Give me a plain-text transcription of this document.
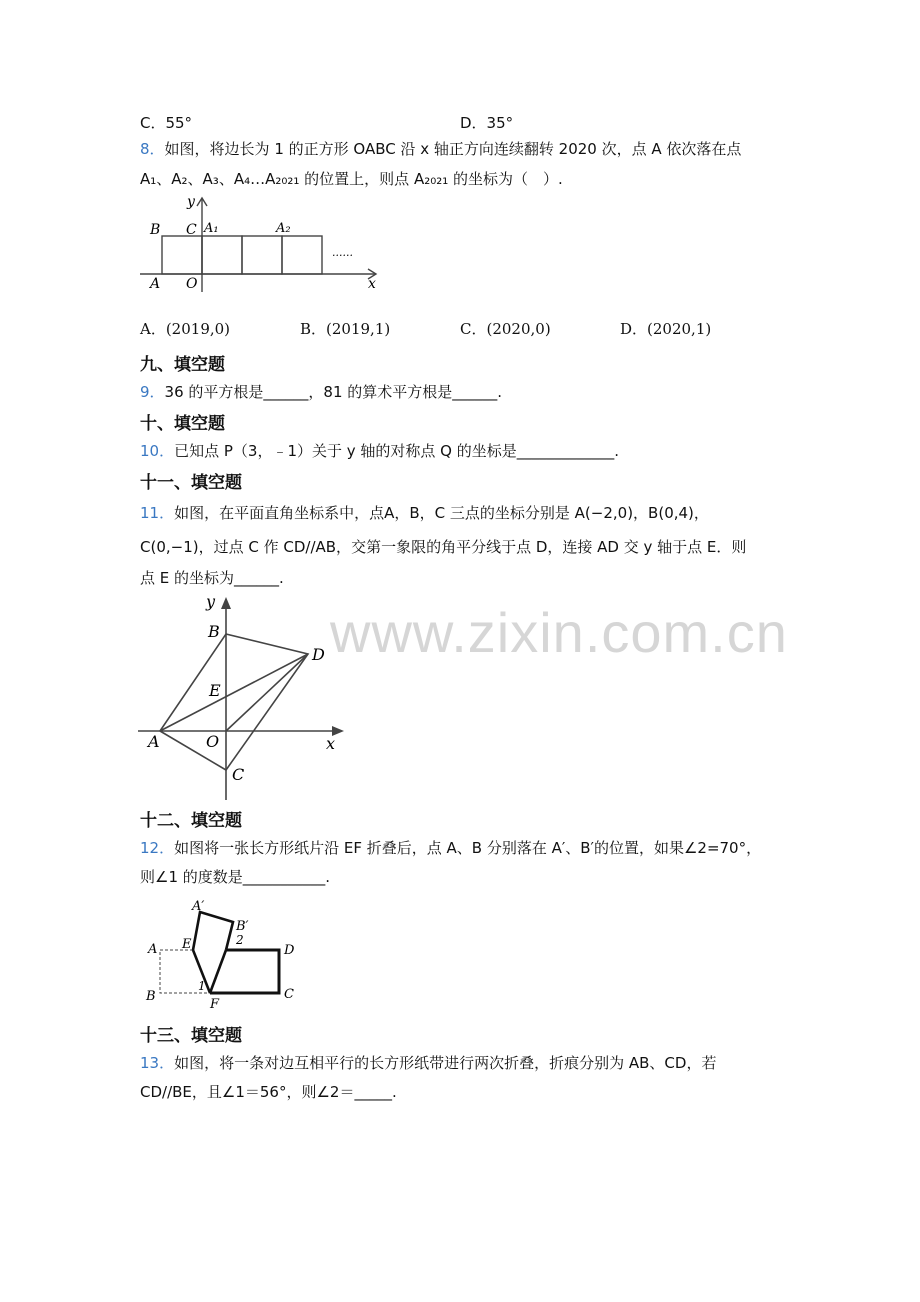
C．55°	D．35°
8．如图，将边长为 1 的正方形 OABC 沿 x 轴正方向连续翻转 2020 次，点 A 依次落在点
A₁、A₂、A₃、A₄…A₂₀₂₁ 的位置上，则点 A₂₀₂₁ 的坐标为（　）.
y
B C A₁	A₂
A O	x
......
A．(2019,0)	B．(2019,1)	C．(2020,0)	D．(2020,1)
九、填空题
9．36 的平方根是______，81 的算术平方根是______.
十、填空题
10．已知点 P（3，﹣1）关于 y 轴的对称点 Q 的坐标是_____________.
十一、填空题
11．如图，在平面直角坐标系中，点A，B，C 三点的坐标分别是 A(−2,0)，B(0,4)，
C(0,−1)，过点 C 作 CD//AB，交第一象限的角平分线于点 D，连接 AD 交 y 轴于点 E．则
点 E 的坐标为______.
y
B
D
E
A	O	x
C
www.zixin.com.cn
十二、填空题
12．如图将一张长方形纸片沿 EF 折叠后，点 A、B 分别落在 A′、B′的位置，如果∠2=70°，
则∠1 的度数是___________.
A′
B′
2
A E	D
B
1
F
C
十三、填空题
13．如图，将一条对边互相平行的长方形纸带进行两次折叠，折痕分别为 AB、CD，若
CD//BE，且∠1＝56°，则∠2＝_____.
